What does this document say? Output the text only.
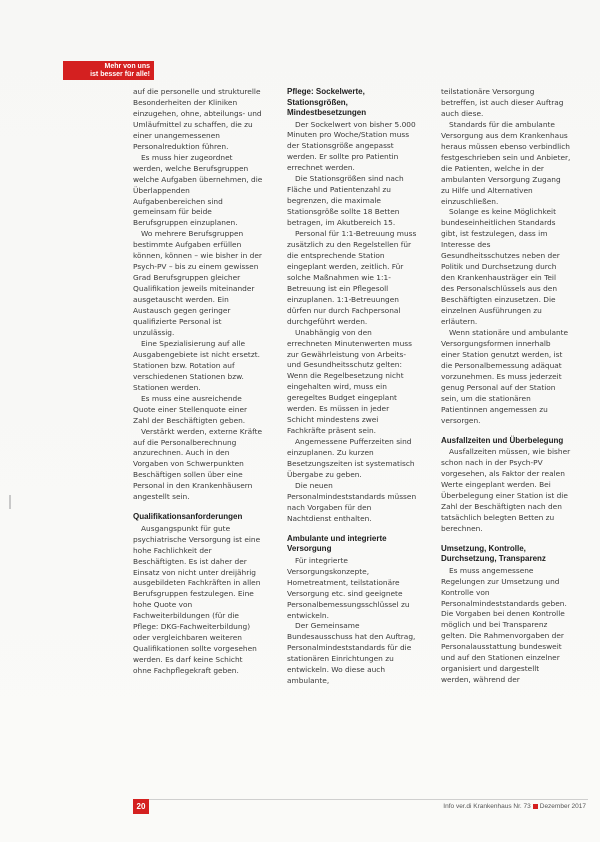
Mehr von uns
ist besser für alle!

auf die personelle und strukturelle Besonderheiten der Kliniken einzugehen, ohne, abteilungs- und Umläufmittel zu schaffen, die zu einer unangemessenen Personalreduktion führen.

Es muss hier zugeordnet werden, welche Berufsgruppen welche Aufgaben übernehmen, die Überlappenden Aufgabenbereichen sind gemeinsam für beide Berufsgruppen einzuplanen.

Wo mehrere Berufsgruppen bestimmte Aufgaben erfüllen können, können – wie bisher in der Psych-PV – bis zu einem gewissen Grad Berufsgruppen gleicher Qualifikation jeweils miteinander ausgetauscht werden. Ein Austausch gegen geringer qualifizierte Personal ist unzulässig.

Eine Spezialisierung auf alle Ausgabengebiete ist nicht ersetzt. Stationen bzw. Rotation auf verschiedenen Stationen bzw. Stationen werden.

Es muss eine ausreichende Quote einer Stellenquote einer Zahl der Beschäftigten geben.

Verstärkt werden, externe Kräfte auf die Personalberechnung anzurechnen. Auch in den Vorgaben von Schwerpunkten Beschäftigen sollen über eine Personal in den Krankenhäusern angestellt sein.

Qualifikationsanforderungen

Ausgangspunkt für gute psychiatrische Versorgung ist eine hohe Fachlichkeit der Beschäftigten. Es ist daher der Einsatz von nicht unter dreijährig ausgebildeten Fachkräften in allen Berufsgruppen festzulegen. Eine hohe Quote von Fachweiterbildungen (für die Pflege: DKG-Fachweiterbildung) oder vergleichbaren weiteren Qualifikationen sollte vorgesehen werden. Es darf keine Schicht ohne Fachpflegekraft geben.

Pflege: Sockelwerte, Stationsgrößen, Mindestbesetzungen

Der Sockelwert von bisher 5.000 Minuten pro Woche/Station muss der Stationsgröße angepasst werden. Er sollte pro Patientin errechnet werden.

Die Stationsgrößen sind nach Fläche und Patientenzahl zu begrenzen, die maximale Stationsgröße sollte 18 Betten betragen, im Akutbereich 15.

Personal für 1:1-Betreuung muss zusätzlich zu den Regelstellen für die entsprechende Station eingeplant werden, zeitlich. Für solche Maßnahmen wie 1:1-Betreuung ist ein Pflegesoll einzuplanen. 1:1-Betreuungen dürfen nur durch Fachpersonal durchgeführt werden.

Unabhängig von den errechneten Minutenwerten muss zur Gewährleistung von Arbeits- und Gesundheitsschutz gelten: Wenn die Regelbesetzung nicht eingehalten wird, muss ein geregeltes Budget eingeplant werden. Es müssen in jeder Schicht mindestens zwei Fachkräfte präsent sein.

Angemessene Pufferzeiten sind einzuplanen. Zu kurzen Besetzungszeiten ist systematisch Übergabe zu geben.

Die neuen Personalmindeststandards müssen nach Vorgaben für den Nachtdienst enthalten.

Ambulante und integrierte Versorgung

Für integrierte Versorgungskonzepte, Hometreatment, teilstationäre Versorgung etc. sind geeignete Personalbemessungsschlüssel zu entwickeln.

Der Gemeinsame Bundesausschuss hat den Auftrag, Personalmindeststandards für die stationären Einrichtungen zu entwickeln. Wo diese auch ambulante,

teilstationäre Versorgung betreffen, ist auch dieser Auftrag auch diese.

Standards für die ambulante Versorgung aus dem Krankenhaus heraus müssen ebenso verbindlich festgeschrieben sein und Anbieter, die Patienten, welche in der ambulanten Versorgung Zugang zu Hilfe und Alternativen einzuschließen.

Solange es keine Möglichkeit bundeseinheitlichen Standards gibt, ist festzulegen, dass im Interesse des Gesundheitsschutzes neben der Politik und Durchsetzung durch den Krankenhausträger ein Teil des Personalschlüssels aus den Beschäftigten einzusetzen. Die einzelnen Ausführungen zu erläutern.

Wenn stationäre und ambulante Versorgungsformen innerhalb einer Station genutzt werden, ist die Personalbemessung adäquat vorzunehmen. Es muss jederzeit genug Personal auf der Station sein, um die stationären Patientinnen angemessen zu versorgen.

Ausfallzeiten und Überbelegung

Ausfallzeiten müssen, wie bisher schon nach in der Psych-PV vorgesehen, als Faktor der realen Werte eingeplant werden. Bei Überbelegung einer Station ist die Zahl der Beschäftigten nach den tatsächlich belegten Betten zu berechnen.

Umsetzung, Kontrolle, Durchsetzung, Transparenz

Es muss angemessene Regelungen zur Umsetzung und Kontrolle von Personalmindeststandards geben. Die Vorgaben bei denen Kontrolle möglich und bei Transparenz gelten. Die Rahmenvorgaben der Personalausstattung bundesweit und auf den Stationen einzelner organisiert und dargestellt werden, während der

20	Info ver.di Krankenhaus Nr. 73 Dezember 2017
